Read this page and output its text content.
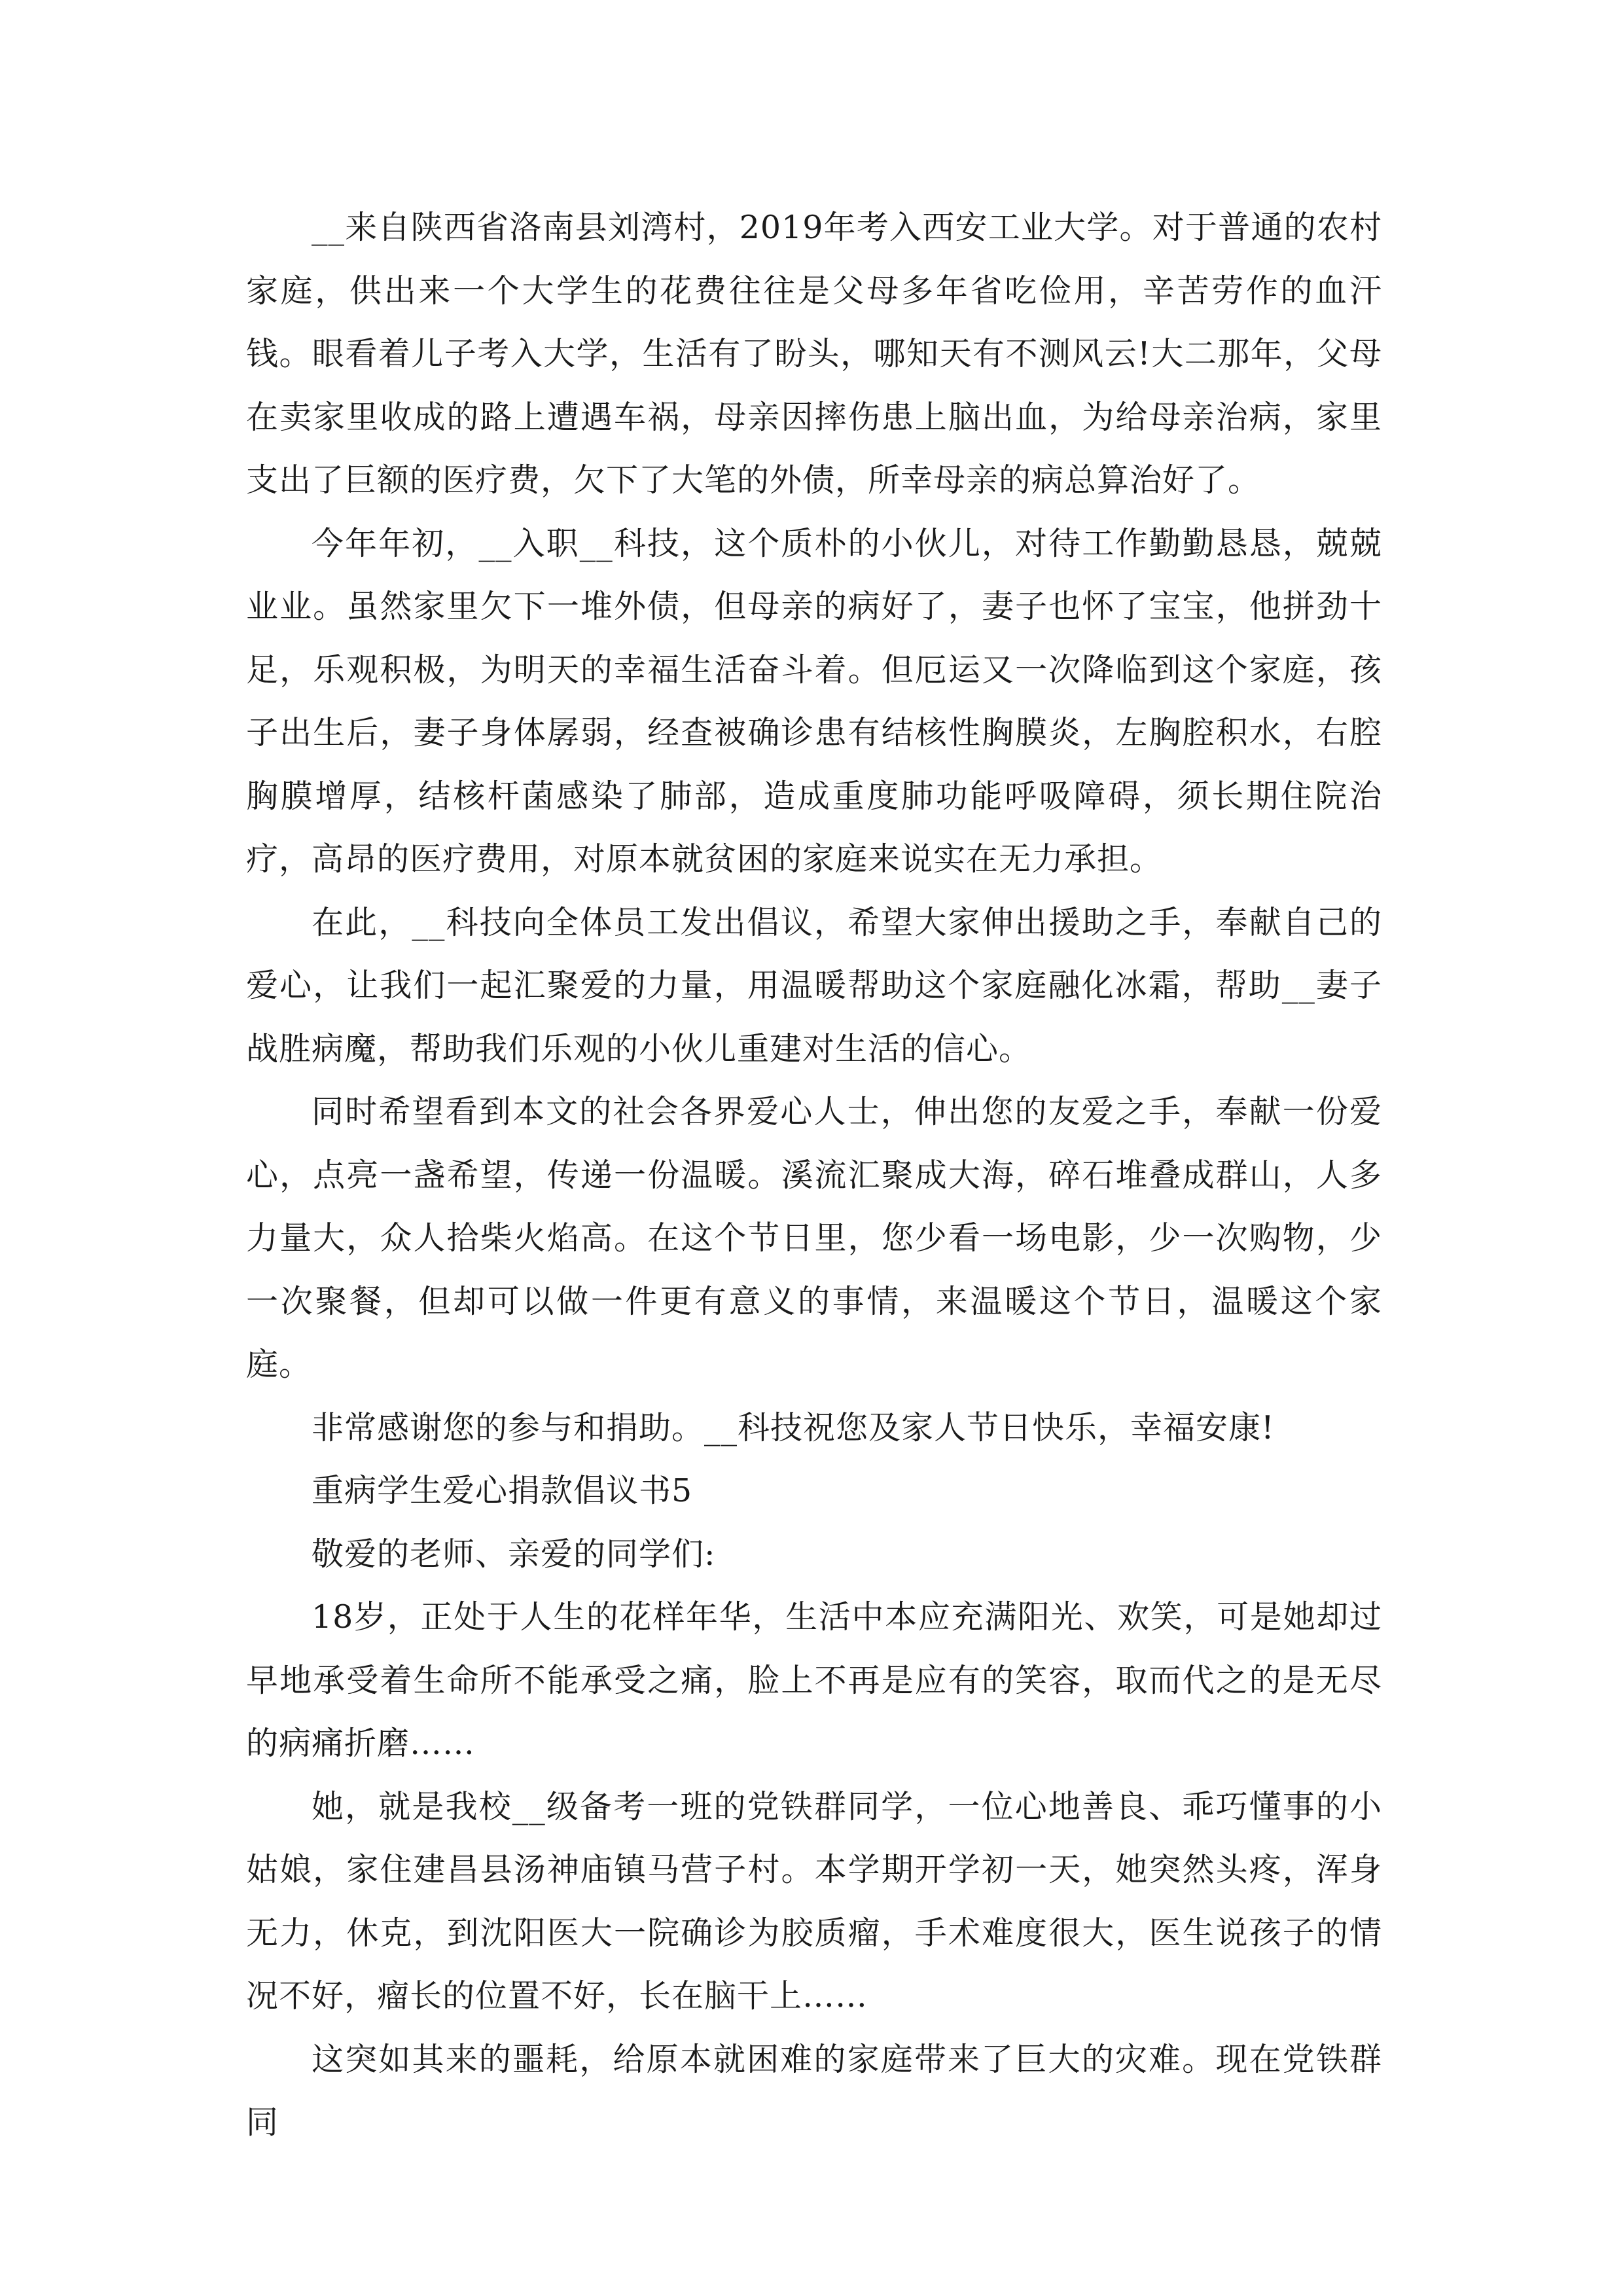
__来自陕西省洛南县刘湾村，2019年考入西安工业大学。对于普通的农村家庭，供出来一个大学生的花费往往是父母多年省吃俭用，辛苦劳作的血汗钱。眼看着儿子考入大学，生活有了盼头，哪知天有不测风云!大二那年，父母在卖家里收成的路上遭遇车祸，母亲因摔伤患上脑出血，为给母亲治病，家里支出了巨额的医疗费，欠下了大笔的外债，所幸母亲的病总算治好了。

今年年初，__入职__科技，这个质朴的小伙儿，对待工作勤勤恳恳，兢兢业业。虽然家里欠下一堆外债，但母亲的病好了，妻子也怀了宝宝，他拼劲十足，乐观积极，为明天的幸福生活奋斗着。但厄运又一次降临到这个家庭，孩子出生后，妻子身体孱弱，经查被确诊患有结核性胸膜炎，左胸腔积水，右腔胸膜增厚，结核杆菌感染了肺部，造成重度肺功能呼吸障碍，须长期住院治疗，高昂的医疗费用，对原本就贫困的家庭来说实在无力承担。

在此，__科技向全体员工发出倡议，希望大家伸出援助之手，奉献自己的爱心，让我们一起汇聚爱的力量，用温暖帮助这个家庭融化冰霜，帮助__妻子战胜病魔，帮助我们乐观的小伙儿重建对生活的信心。

同时希望看到本文的社会各界爱心人士，伸出您的友爱之手，奉献一份爱心，点亮一盏希望，传递一份温暖。溪流汇聚成大海，碎石堆叠成群山，人多力量大，众人拾柴火焰高。在这个节日里，您少看一场电影，少一次购物，少一次聚餐，但却可以做一件更有意义的事情，来温暖这个节日，温暖这个家庭。

非常感谢您的参与和捐助。__科技祝您及家人节日快乐，幸福安康!

重病学生爱心捐款倡议书5

敬爱的老师、亲爱的同学们:

18岁，正处于人生的花样年华，生活中本应充满阳光、欢笑，可是她却过早地承受着生命所不能承受之痛，脸上不再是应有的笑容，取而代之的是无尽的病痛折磨……

她，就是我校__级备考一班的党铁群同学，一位心地善良、乖巧懂事的小姑娘，家住建昌县汤神庙镇马营子村。本学期开学初一天，她突然头疼，浑身无力，休克，到沈阳医大一院确诊为胶质瘤，手术难度很大，医生说孩子的情况不好，瘤长的位置不好，长在脑干上……

这突如其来的噩耗，给原本就困难的家庭带来了巨大的灾难。现在党铁群同
